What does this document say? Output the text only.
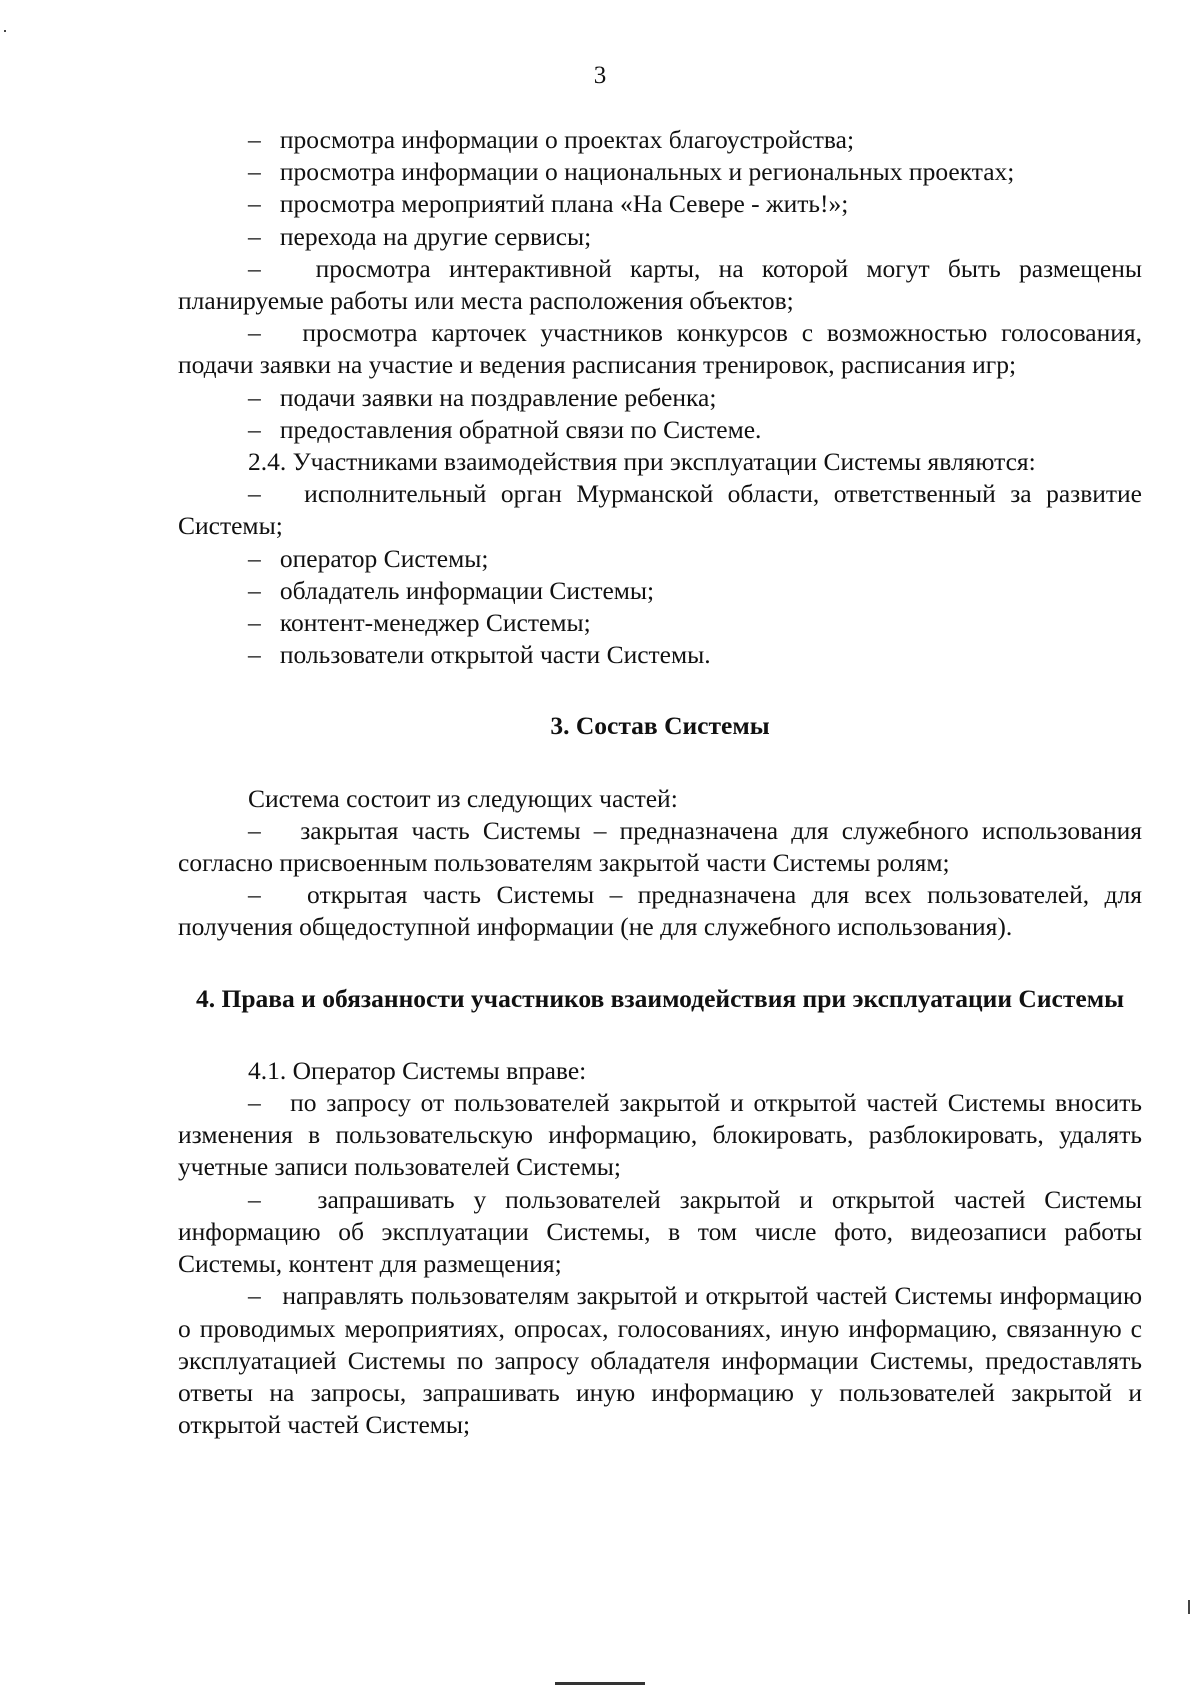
3

–   просмотра информации о проектах благоустройства;

–   просмотра информации о национальных и региональных проектах;

–   просмотра мероприятий плана «На Севере - жить!»;

–   перехода на другие сервисы;

–   просмотра интерактивной карты, на которой могут быть размещены планируемые работы или места расположения объектов;

–   просмотра карточек участников конкурсов с возможностью голосования, подачи заявки на участие и ведения расписания тренировок, расписания игр;

–   подачи заявки на поздравление ребенка;

–   предоставления обратной связи по Системе.

2.4. Участниками взаимодействия при эксплуатации Системы являются:

–   исполнительный орган Мурманской области, ответственный за развитие Системы;

–   оператор Системы;

–   обладатель информации Системы;

–   контент-менеджер Системы;

–   пользователи открытой части Системы.

3. Состав Системы

Система состоит из следующих частей:

–   закрытая часть Системы – предназначена для служебного использования согласно присвоенным пользователям закрытой части Системы ролям;

–   открытая часть Системы – предназначена для всех пользователей, для получения общедоступной информации (не для служебного использования).

4. Права и обязанности участников взаимодействия при эксплуатации Системы

4.1. Оператор Системы вправе:

–   по запросу от пользователей закрытой и открытой частей Системы вносить изменения в пользовательскую информацию, блокировать, разблокировать, удалять учетные записи пользователей Системы;

–   запрашивать у пользователей закрытой и открытой частей Системы информацию об эксплуатации Системы, в том числе фото, видеозаписи работы Системы, контент для размещения;

–   направлять пользователям закрытой и открытой частей Системы информацию о проводимых мероприятиях, опросах, голосованиях, иную информацию, связанную с эксплуатацией Системы по запросу обладателя информации Системы, предоставлять ответы на запросы, запрашивать иную информацию у пользователей закрытой и открытой частей Системы;
